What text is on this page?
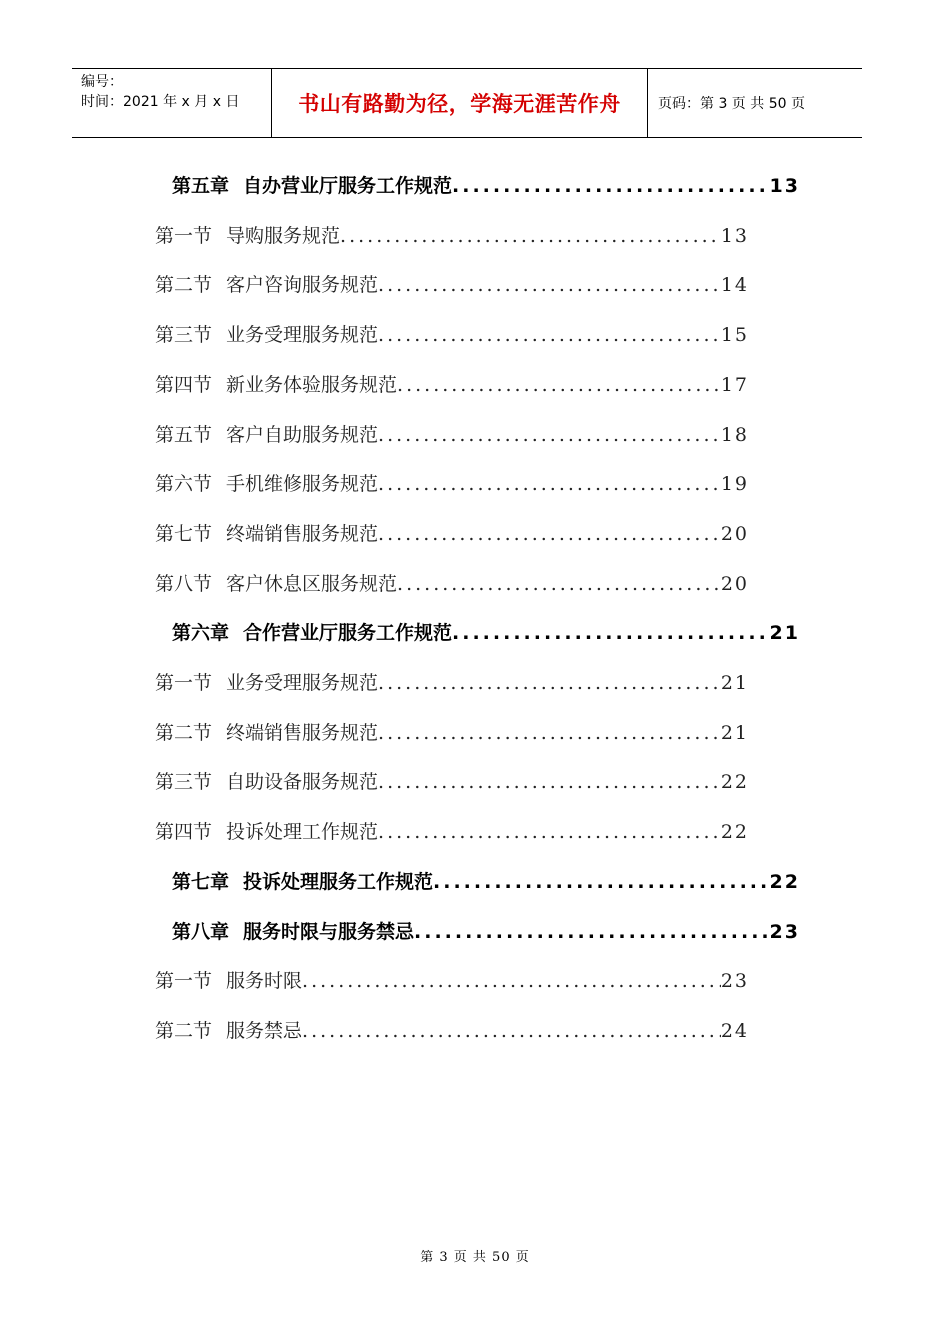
编号：
时间：2021 年 x 月 x 日	书山有路勤为径，学海无涯苦作舟	页码：第 3 页 共 50 页
第五章 自办营业厅服务工作规范 .....	13
第一节 导购服务规范 .....	13
第二节 客户咨询服务规范 .....	14
第三节 业务受理服务规范 .....	15
第四节 新业务体验服务规范 .....	17
第五节 客户自助服务规范 .....	18
第六节 手机维修服务规范 .....	19
第七节 终端销售服务规范 .....	20
第八节 客户休息区服务规范 .....	20
第六章 合作营业厅服务工作规范 .....	21
第一节 业务受理服务规范 .....	21
第二节 终端销售服务规范 .....	21
第三节 自助设备服务规范 .....	22
第四节 投诉处理工作规范 .....	22
第七章 投诉处理服务工作规范 .....	22
第八章 服务时限与服务禁忌 .....	23
第一节 服务时限 .....	23
第二节 服务禁忌 .....	24
第 3 页 共 50 页
